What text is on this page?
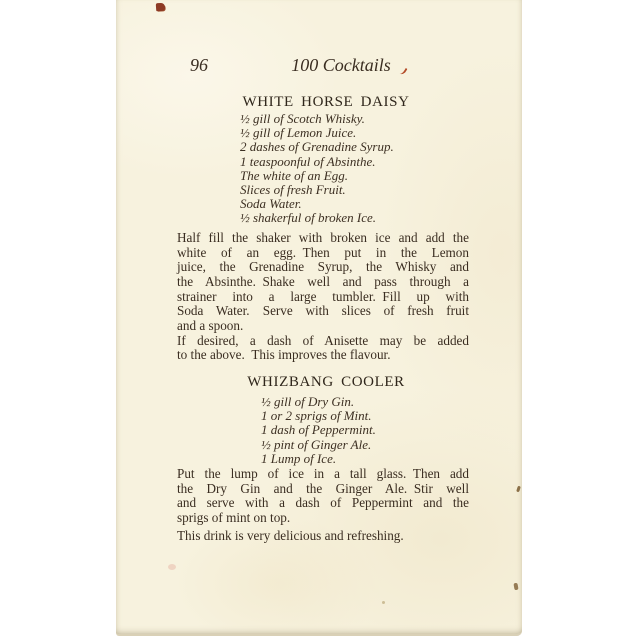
96	100 Cocktails
WHITE HORSE DAISY
½ gill of Scotch Whisky.
½ gill of Lemon Juice.
2 dashes of Grenadine Syrup.
1 teaspoonful of Absinthe.
The white of an Egg.
Slices of fresh Fruit.
Soda Water.
½ shakerful of broken Ice.
Half fill the shaker with broken ice and add the
white of an egg. Then put in the Lemon
juice, the Grenadine Syrup, the Whisky and
the Absinthe. Shake well and pass through a
strainer into a large tumbler. Fill up with
Soda Water.  Serve with slices of fresh fruit
and a spoon.
If desired, a dash of Anisette may be added
to the above. This improves the flavour.
WHIZBANG COOLER
½ gill of Dry Gin.
1 or 2 sprigs of Mint.
1 dash of Peppermint.
½ pint of Ginger Ale.
1 Lump of Ice.
Put the lump of ice in a tall glass. Then add
the Dry Gin and the Ginger Ale. Stir well
and serve with a dash of Peppermint and the
sprigs of mint on top.
This drink is very delicious and refreshing.
